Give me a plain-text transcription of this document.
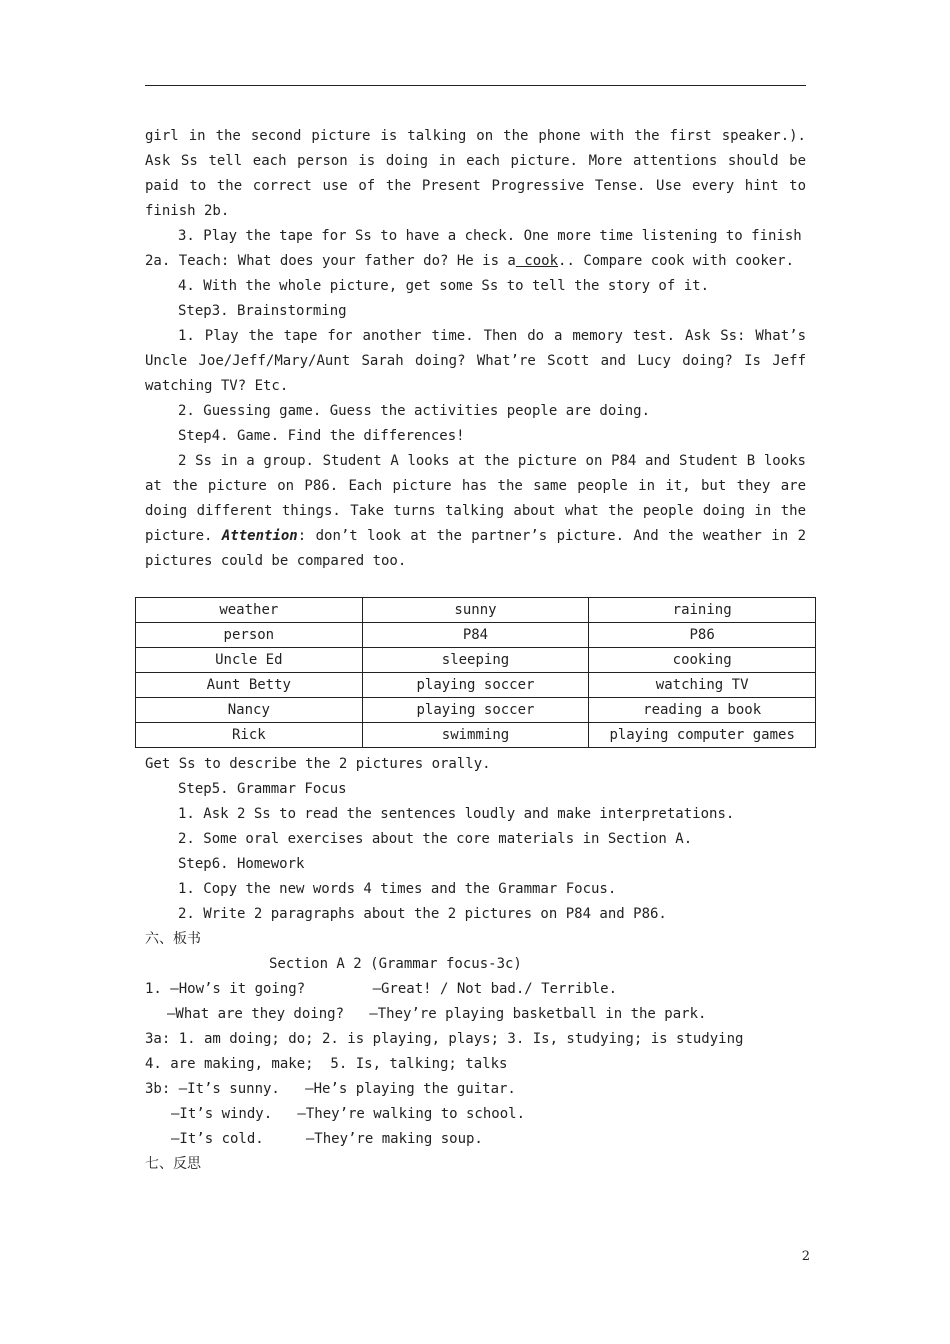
girl in the second picture is talking on the phone with the first speaker.). Ask Ss tell each person is doing in each picture. More attentions should be paid to the correct use of the Present Progressive Tense. Use every hint to finish 2b.

3. Play the tape for Ss to have a check. One more time listening to finish

2a. Teach: What does your father do? He is a cook.. Compare cook with cooker.

4. With the whole picture, get some Ss to tell the story of it.

Step3. Brainstorming

1. Play the tape for another time. Then do a memory test. Ask Ss: What’s Uncle Joe/Jeff/Mary/Aunt Sarah doing? What’re Scott and Lucy doing? Is Jeff watching TV? Etc.

2. Guessing game. Guess the activities people are doing.

Step4. Game. Find the differences!

2 Ss in a group. Student A looks at the picture on P84 and Student B looks at the picture on P86. Each picture has the same people in it, but they are doing different things. Take turns talking about what the people doing in the picture. Attention: don’t look at the partner’s picture. And the weather in 2 pictures could be compared too.

weather	sunny	raining
person	P84	P86
Uncle Ed	sleeping	cooking
Aunt Betty	playing soccer	watching TV
Nancy	playing soccer	reading a book
Rick	swimming	playing computer games

Get Ss to describe the 2 pictures orally.

Step5. Grammar Focus

1. Ask 2 Ss to read the sentences loudly and make interpretations.

2. Some oral exercises about the core materials in Section A.

Step6. Homework

1. Copy the new words 4 times and the Grammar Focus.

2. Write 2 paragraphs about the 2 pictures on P84 and P86.

六、板书

Section A 2 (Grammar focus-3c)

1. —How’s it going?        —Great! / Not bad./ Terrible.

—What are they doing?   —They’re playing basketball in the park.

3a: 1. am doing; do; 2. is playing, plays; 3. Is, studying; is studying

4. are making, make;  5. Is, talking; talks

3b: —It’s sunny.   —He’s playing the guitar.

—It’s windy.   —They’re walking to school.

—It’s cold.     —They’re making soup.

七、反思

2
